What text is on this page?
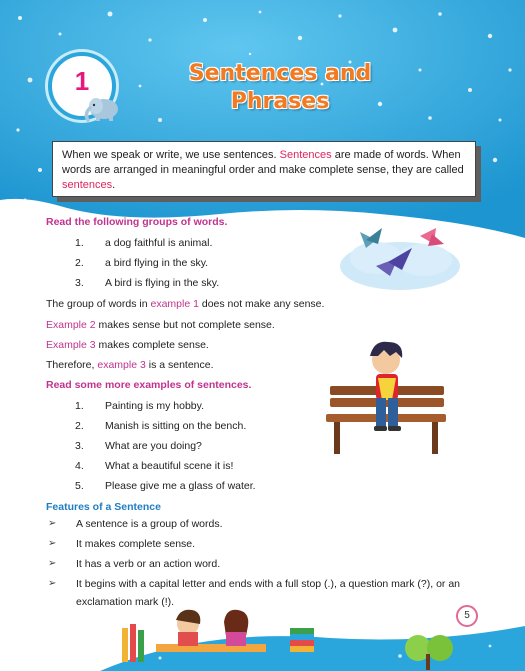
1	Sentences and
Phrases
When we speak or write, we use sentences. Sentences are made of words. When words are arranged in meaningful order and make complete sense, they are called sentences.
Read the following groups of words.
1.	a dog faithful is animal.
2.	a bird flying in the sky.
3.	A bird is flying in the sky.
The group of words in example 1 does not make any sense.
Example 2 makes sense but not complete sense.
Example 3 makes complete sense.
Therefore, example 3 is a sentence.
Read some more examples of sentences.
1.	Painting is my hobby.
2.	Manish is sitting on the bench.
3.	What are you doing?
4.	What a beautiful scene it is!
5.	Please give me a glass of water.
Features of a Sentence
➢ A sentence is a group of words.
➢ It makes complete sense.
➢ It has a verb or an action word.
➢ It begins with a capital letter and ends with a full stop (.), a question mark (?), or an
exclamation mark (!).
5
